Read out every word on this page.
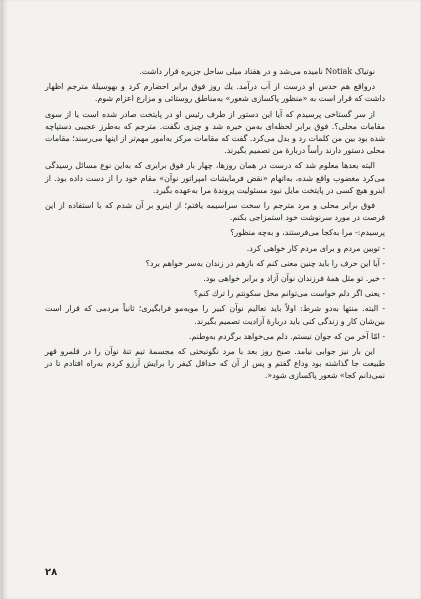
نوتیاک Notiak نامیده می‌شد و در هفتاد میلی ساحل جزیره قرار داشت.

درواقع هم حدس او درست از آب درآمد. یك روز فوق برابر احضارم کرد و بهوسیلهٔ مترجم اظهار داشت که قرار است به «منظور پاکسازی شعور» به‌مناطق روستائی و مزارع اعزام شوم.

از سر گستاخی پرسیدم که آیا این دستور از طرف رئیس او در پایتخت صادر شده است یا از سوی مقامات محلی؟. فوق برابر لحظه‌ای به‌من خیره شد و چیزی نگفت. مترجم که به‌طرز عجیبی دستپاچه شده بود بین من کلمات رد و بدل می‌کرد. گفت که مقامات مرکز به‌امور مهم‌تر از اینها می‌رسند؛ مقامات محلی دستور دارند رأساً دربارهٔ من تصمیم بگیرند.

البته بعدها معلوم شد که درست در همان روزها، چهار بار فوق برابری که به‌این نوع مسائل رسیدگی می‌کرد مغضوب واقع شده، به‌اتهام «نقض فرمایشات امپراتور نوآن» مقام خود را از دست داده بود. از اینرو هیچ کسی در پایتخت مایل نبود مسئولیت پروندهٔ مرا به‌عهده بگیرد.

فوق برابر محلی و مرد مترجم را سخت سراسیمه یافتم؛ از اینرو بر آن شدم که با استفاده از این فرصت در مورد سرنوشت خود استمزاجی بکنم.

پرسیدم:- مرا به‌کجا می‌فرستند، و به‌چه منظور؟

- توبین مردم و برای مردم کار خواهی کرد.

- آیا این حرف را باید چنین معنی کنم که بازهم در زندان به‌سر خواهم برد؟

- خیر. تو مثل همهٔ فرزندان نوآن آزاد و برابر خواهی بود.

- یعنی اگر دلم خواست می‌توانم محل سکونتم را ترك کنم؟

- البته. منتها به‌دو شرط: اولاً باید تعالیم نوآن کبیر را مو‌به‌مو فرابگیری؛ ثانیاً مردمی که قرار است بین‌شان کار و زندگی کنی باید دربارهٔ آزادیت تصمیم بگیرند.

- امّا آخر من که جوان نیستم. دلم می‌خواهد برگردم به‌وطنم.

این بار نیز جوابی نیامد. صبح روز بعد با مرد نگونبختی که مجسمهٔ تیم تنهٔ نوآن را در قلمرو قهر طبیعت جا گذاشته بود وداع گفتم و پس از آن که حداقل کیفر را برایش آرزو کردم به‌راه افتادم تا در نمی‌دانم کجا» شعور پاکسازی شود«.

۲۸
